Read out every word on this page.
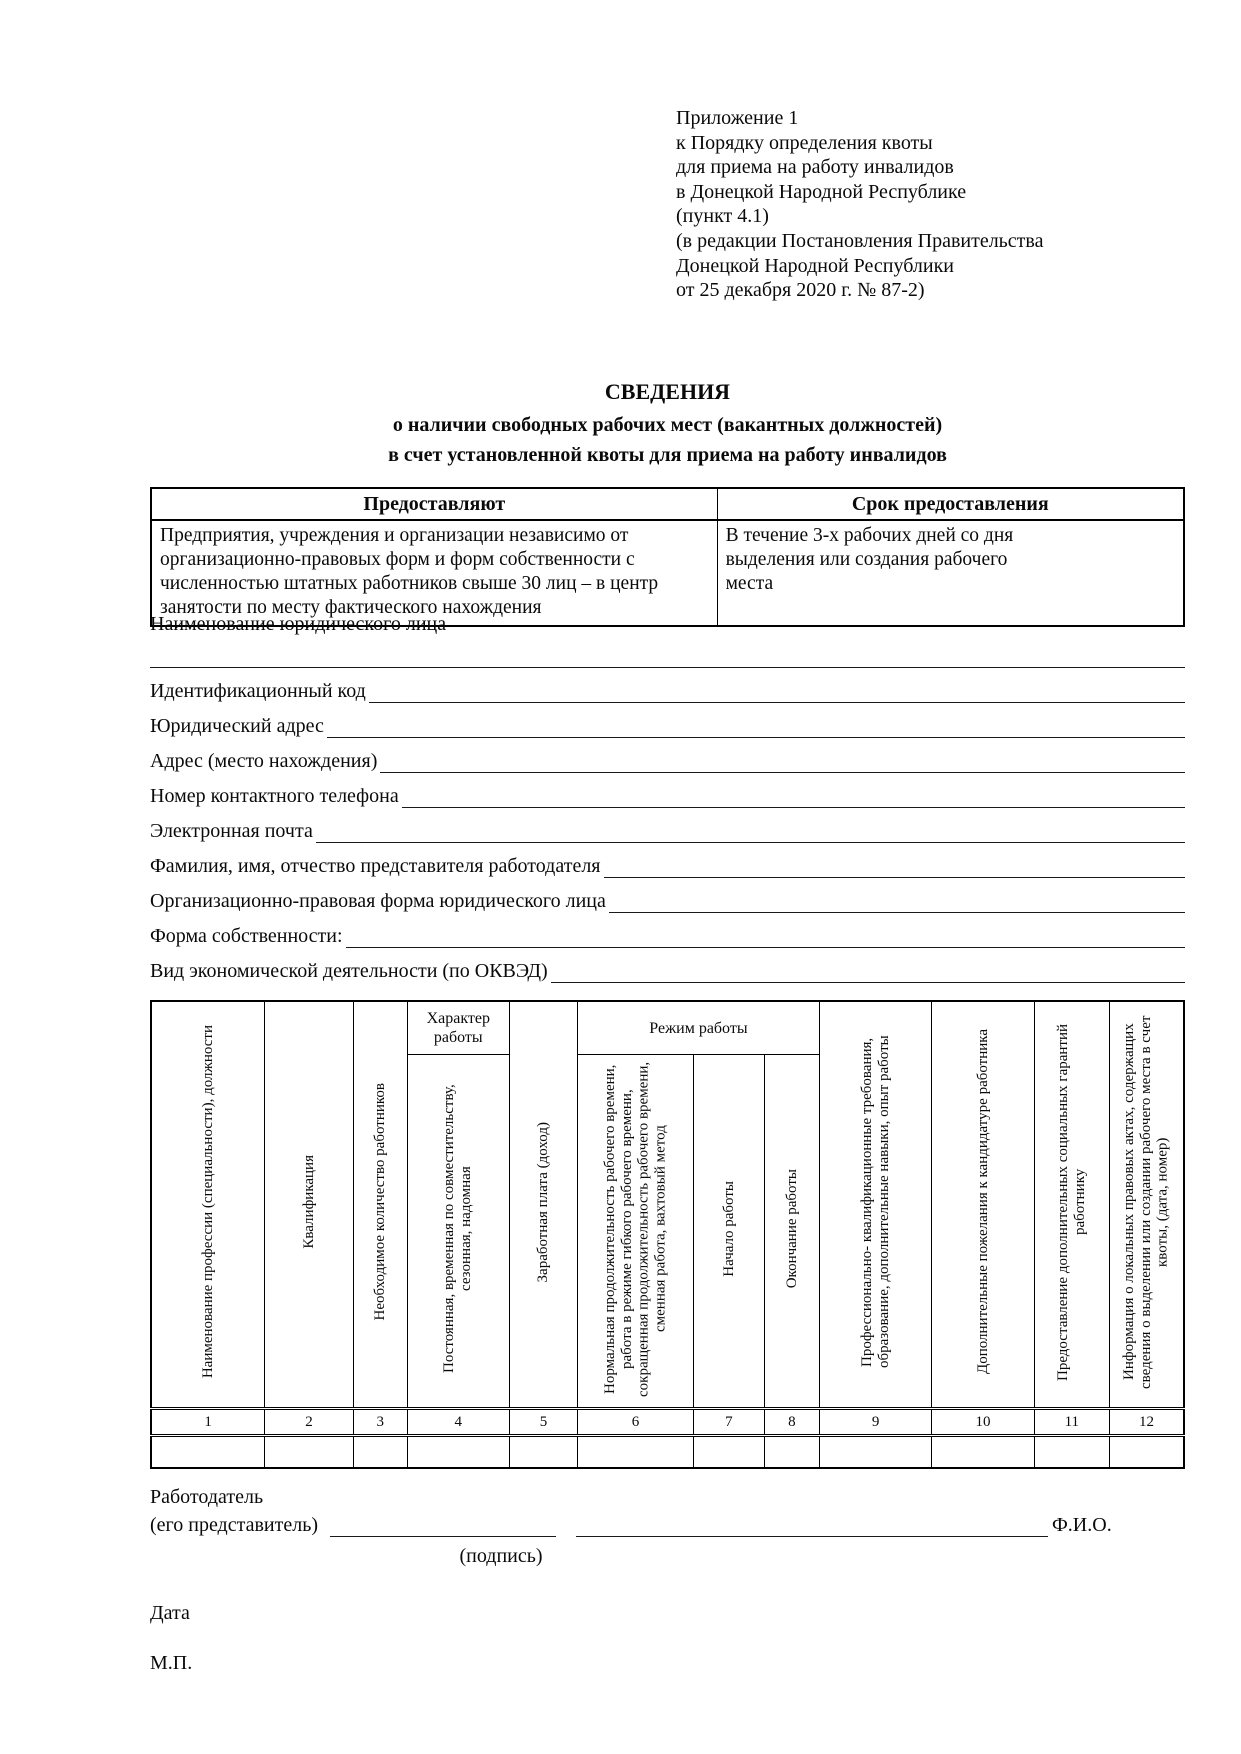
Приложение 1
к Порядку определения квоты
для приема на работу инвалидов
в Донецкой Народной Республике
(пункт 4.1)
(в редакции Постановления Правительства
Донецкой Народной Республики
от 25 декабря 2020 г. № 87-2)
СВЕДЕНИЯ
о наличии свободных рабочих мест (вакантных должностей)
в счет установленной квоты для приема на работу инвалидов
Предоставляют	Срок предоставления
Предприятия, учреждения и организации независимо от организационно-правовых форм и форм собственности с численностью штатных работников свыше 30 лиц – в центр занятости по месту фактического нахождения	В течение 3-х рабочих дней со дня выделения или создания рабочего места
Наименование юридического лица
Идентификационный код
Юридический адрес
Адрес (место нахождения)
Номер контактного телефона
Электронная почта
Фамилия, имя, отчество представителя работодателя
Организационно-правовая форма юридического лица
Форма собственности:
Вид экономической деятельности (по ОКВЭД)
Наименование профессии (специальности), должности	Квалификация	Необходимое количество работников	Характер работы	Заработная плата (доход)	Режим работы			Профессионально- квалификационные требования, образование, дополнительные навыки, опыт работы	Дополнительные пожелания к кандидатуре работника	Предоставление дополнительных социальных гарантий работнику	Информация о локальных правовых актах, содержащих сведения о выделении или создании рабочего места в счет квоты, (дата, номер)
			Постоянная, временная по совместительству, сезонная, надомная		Нормальная продолжительность рабочего времени, работа в режиме гибкого рабочего времени, сокращенная продолжительность рабочего времени, сменная работа, вахтовый метод	Начало работы	Окончание работы				
1	2	3	4	5	6	7	8	9	10	11	12

Работодатель
(его представитель)	Ф.И.О.
(подпись)
Дата
М.П.
